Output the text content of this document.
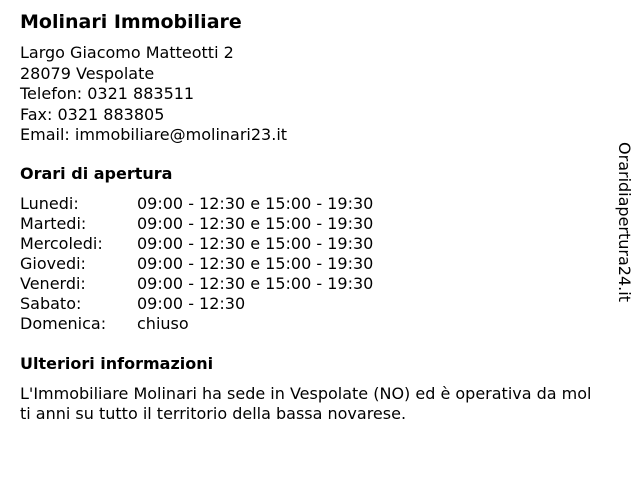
Molinari Immobiliare
Largo Giacomo Matteotti 2
28079 Vespolate
Telefon: 0321 883511
Fax: 0321 883805
Email: immobiliare@molinari23.it
Orari di apertura
Lunedi:	09:00 - 12:30 e 15:00 - 19:30
Martedi:	09:00 - 12:30 e 15:00 - 19:30
Mercoledi: 09:00 - 12:30 e 15:00 - 19:30
Giovedi:	09:00 - 12:30 e 15:00 - 19:30
Venerdi:	09:00 - 12:30 e 15:00 - 19:30
Sabato:	09:00 - 12:30
Domenica: chiuso
Ulteriori informazioni
L'Immobiliare Molinari ha sede in Vespolate (NO) ed è operativa da molti anni su tutto il territorio della bassa novarese.
Oraridiapertura24.it
